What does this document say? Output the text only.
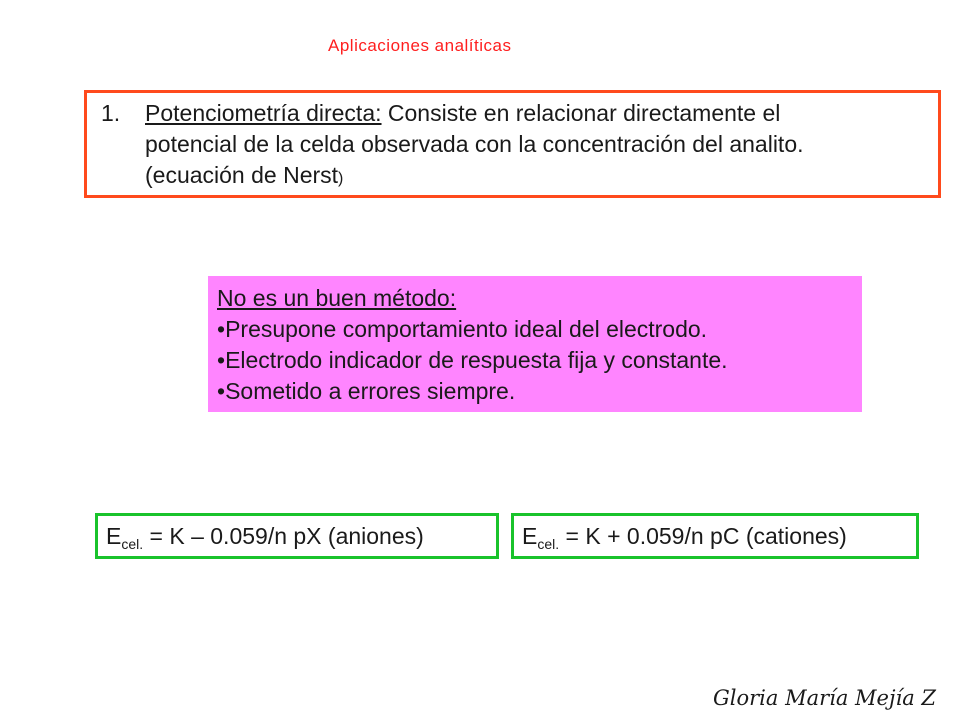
Aplicaciones analíticas
1. Potenciometría directa: Consiste en relacionar directamente el
potencial de la celda observada con la concentración del analito.
(ecuación de Nerst)
No es un buen método:
•Presupone comportamiento ideal del electrodo.
•Electrodo indicador de respuesta fija y constante.
•Sometido a errores siempre.
$E_{cel.} = K - 0.059/n$ pX (aniones)	$E_{cel.} = K + 0.059/n$ pC (cationes)
Gloria María Mejía Z
